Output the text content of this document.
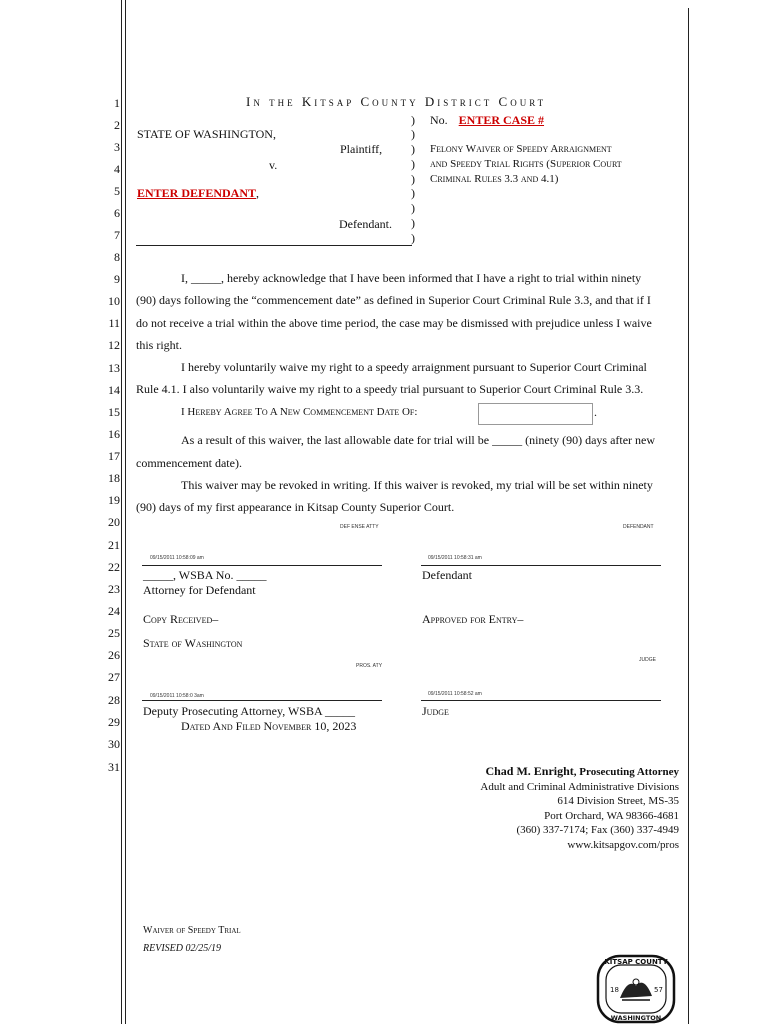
1
2
3
4
5
6
7
8
9
10
11
12
13
14
15
16
17
18
19
20
21
22
23
24
25
26
27
28
29
30
31
In the Kitsap County District Court
STATE OF WASHINGTON,
Plaintiff,
v.
ENTER DEFENDANT,
Defendant.
)
)
)
)
)
)
)
)
)
No. ENTER CASE #
Felony Waiver of Speedy Arraignment
and Speedy Trial Rights (Superior Court
Criminal Rules 3.3 and 4.1)
I, _____, hereby acknowledge that I have been informed that I have a right to trial within ninety
(90) days following the “commencement date” as defined in Superior Court Criminal Rule 3.3, and that if I
do not receive a trial within the above time period, the case may be dismissed with prejudice unless I waive
this right.
I hereby voluntarily waive my right to a speedy arraignment pursuant to Superior Court Criminal
Rule 4.1. I also voluntarily waive my right to a speedy trial pursuant to Superior Court Criminal Rule 3.3.
I Hereby Agree To A New Commencement Date Of:	.
As a result of this waiver, the last allowable date for trial will be _____ (ninety (90) days after new
commencement date).
This waiver may be revoked in writing. If this waiver is revoked, my trial will be set within ninety
(90) days of my first appearance in Kitsap County Superior Court.
DEF ENSE ATTY	DEFENDANT
09/15/2011 10:58:09 am	09/15/2011 10:58:31 am
_____, WSBA No. _____	Defendant
Attorney for Defendant
Copy Received–	Approved for Entry–
State of Washington
PROS. ATY
JUDGE
09/15/2011 10:58:0 3am	09/15/2011 10:58:52 am
Deputy Prosecuting Attorney, WSBA _____	Judge
Dated And Filed November 10, 2023
Chad M. Enright, Prosecuting Attorney
Adult and Criminal Administrative Divisions
614 Division Street, MS-35
Port Orchard, WA 98366-4681
(360) 337-7174; Fax (360) 337-4949
www.kitsapgov.com/pros
Waiver of Speedy Trial
REVISED 02/25/19
KITSAP COUNTY
WASHINGTON
18	57
